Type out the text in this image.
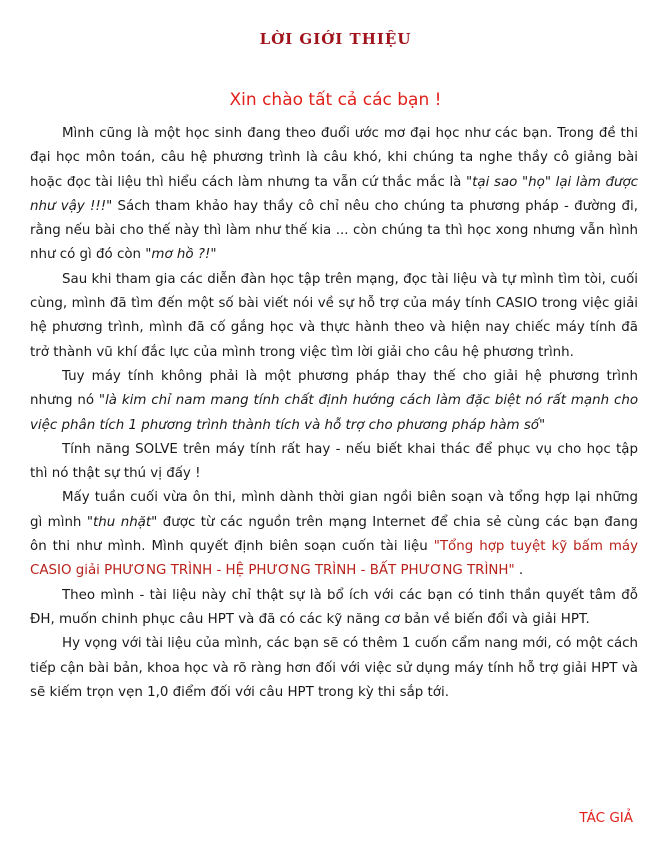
LỜI GIỚI THIỆU
Xin chào tất cả các bạn !

Mình cũng là một học sinh đang theo đuổi ước mơ đại học như các bạn. Trong đề thi đại học môn toán, câu hệ phương trình là câu khó, khi chúng ta nghe thầy cô giảng bài hoặc đọc tài liệu thì hiểu cách làm nhưng ta vẫn cứ thắc mắc là "tại sao "họ" lại làm được như vậy !!!" Sách tham khảo hay thầy cô chỉ nêu cho chúng ta phương pháp - đường đi, rằng nếu bài cho thế này thì làm như thế kia ... còn chúng ta thì học xong nhưng vẫn hình như có gì đó còn "mơ hồ ?!"

Sau khi tham gia các diễn đàn học tập trên mạng, đọc tài liệu và tự mình tìm tòi, cuối cùng, mình đã tìm đến một số bài viết nói về sự hỗ trợ của máy tính CASIO trong việc giải hệ phương trình, mình đã cố gắng học và thực hành theo và hiện nay chiếc máy tính đã trở thành vũ khí đắc lực của mình trong việc tìm lời giải cho câu hệ phương trình.

Tuy máy tính không phải là một phương pháp thay thế cho giải hệ phương trình nhưng nó "là kim chỉ nam mang tính chất định hướng cách làm đặc biệt nó rất mạnh cho việc phân tích 1 phương trình thành tích và hỗ trợ cho phương pháp hàm số"

Tính năng SOLVE trên máy tính rất hay - nếu biết khai thác để phục vụ cho học tập thì nó thật sự thú vị đấy !

Mấy tuần cuối vừa ôn thi, mình dành thời gian ngồi biên soạn và tổng hợp lại những gì mình "thu nhặt" được từ các nguồn trên mạng Internet để chia sẻ cùng các bạn đang ôn thi như mình. Mình quyết định biên soạn cuốn tài liệu "Tổng hợp tuyệt kỹ bấm máy CASIO giải PHƯƠNG TRÌNH - HỆ PHƯƠNG TRÌNH - BẤT PHƯƠNG TRÌNH" .

Theo mình - tài liệu này chỉ thật sự là bổ ích với các bạn có tinh thần quyết tâm đỗ ĐH, muốn chinh phục câu HPT và đã có các kỹ năng cơ bản về biến đổi và giải HPT.

Hy vọng với tài liệu của mình, các bạn sẽ có thêm 1 cuốn cẩm nang mới, có một cách tiếp cận bài bản, khoa học và rõ ràng hơn đối với việc sử dụng máy tính hỗ trợ giải HPT và sẽ kiếm trọn vẹn 1,0 điểm đối với câu HPT trong kỳ thi sắp tới.

TÁC GIẢ
